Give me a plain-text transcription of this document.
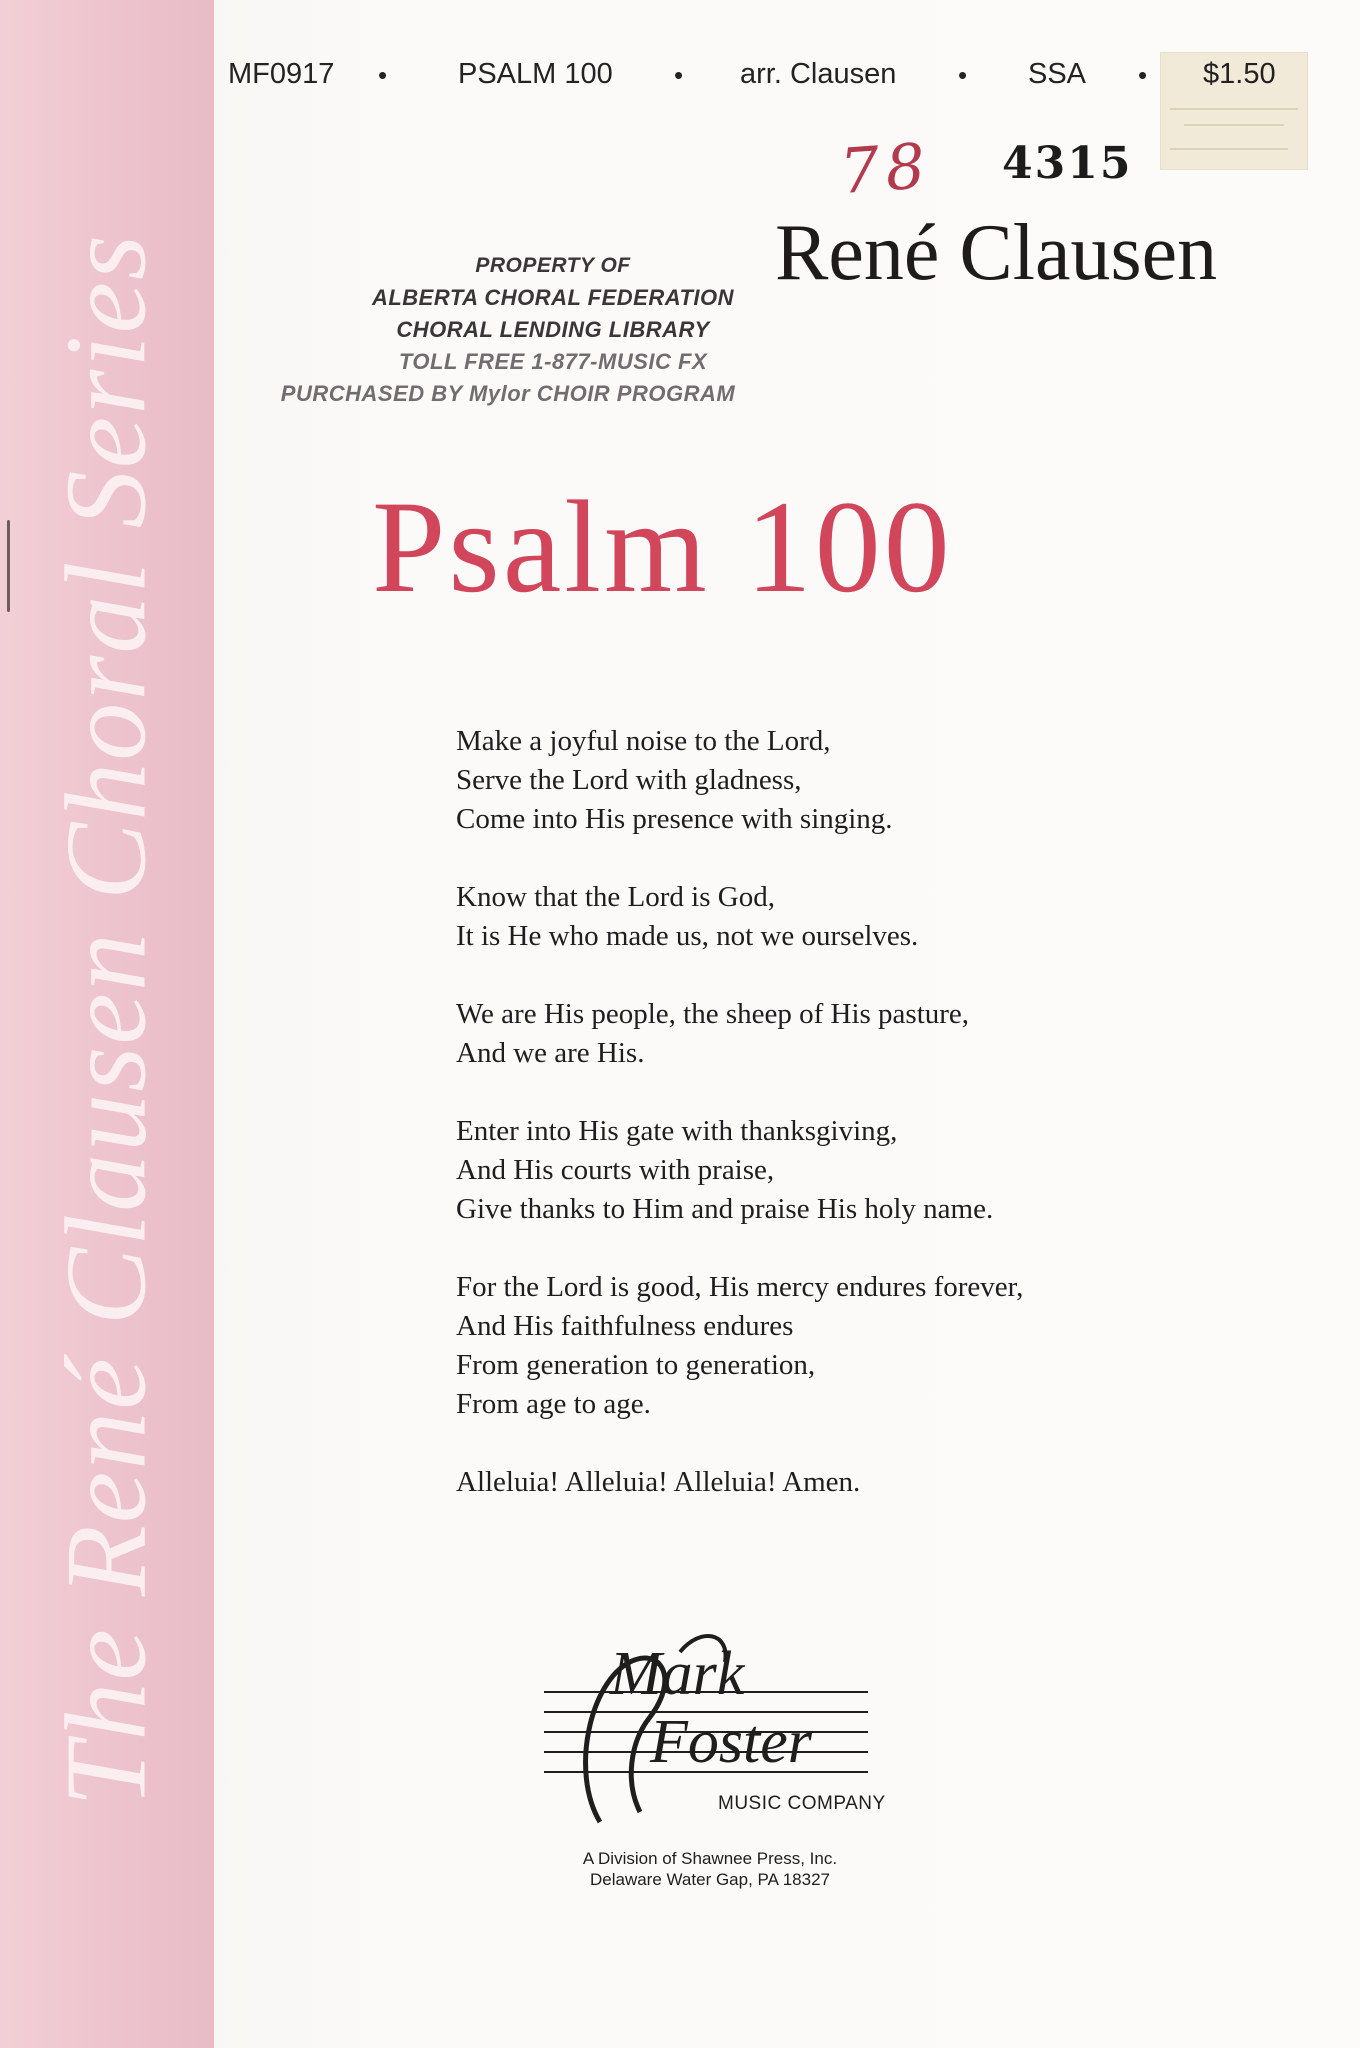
The René Clausen Choral Series
MF0917 • PSALM 100 • arr. Clausen • SSA • $1.50
78 4315
René Clausen
PROPERTY OF
ALBERTA CHORAL FEDERATION
CHORAL LENDING LIBRARY
TOLL FREE 1-877-MUSIC FX
PURCHASED BY Mylor CHOIR PROGRAM
Psalm 100
Make a joyful noise to the Lord,
Serve the Lord with gladness,
Come into His presence with singing.
Know that the Lord is God,
It is He who made us, not we ourselves.
We are His people, the sheep of His pasture,
And we are His.
Enter into His gate with thanksgiving,
And His courts with praise,
Give thanks to Him and praise His holy name.
For the Lord is good, His mercy endures forever,
And His faithfulness endures
From generation to generation,
From age to age.
Alleluia! Alleluia! Alleluia! Amen.
Mark
Foster
MUSIC COMPANY
A Division of Shawnee Press, Inc.
Delaware Water Gap, PA 18327
